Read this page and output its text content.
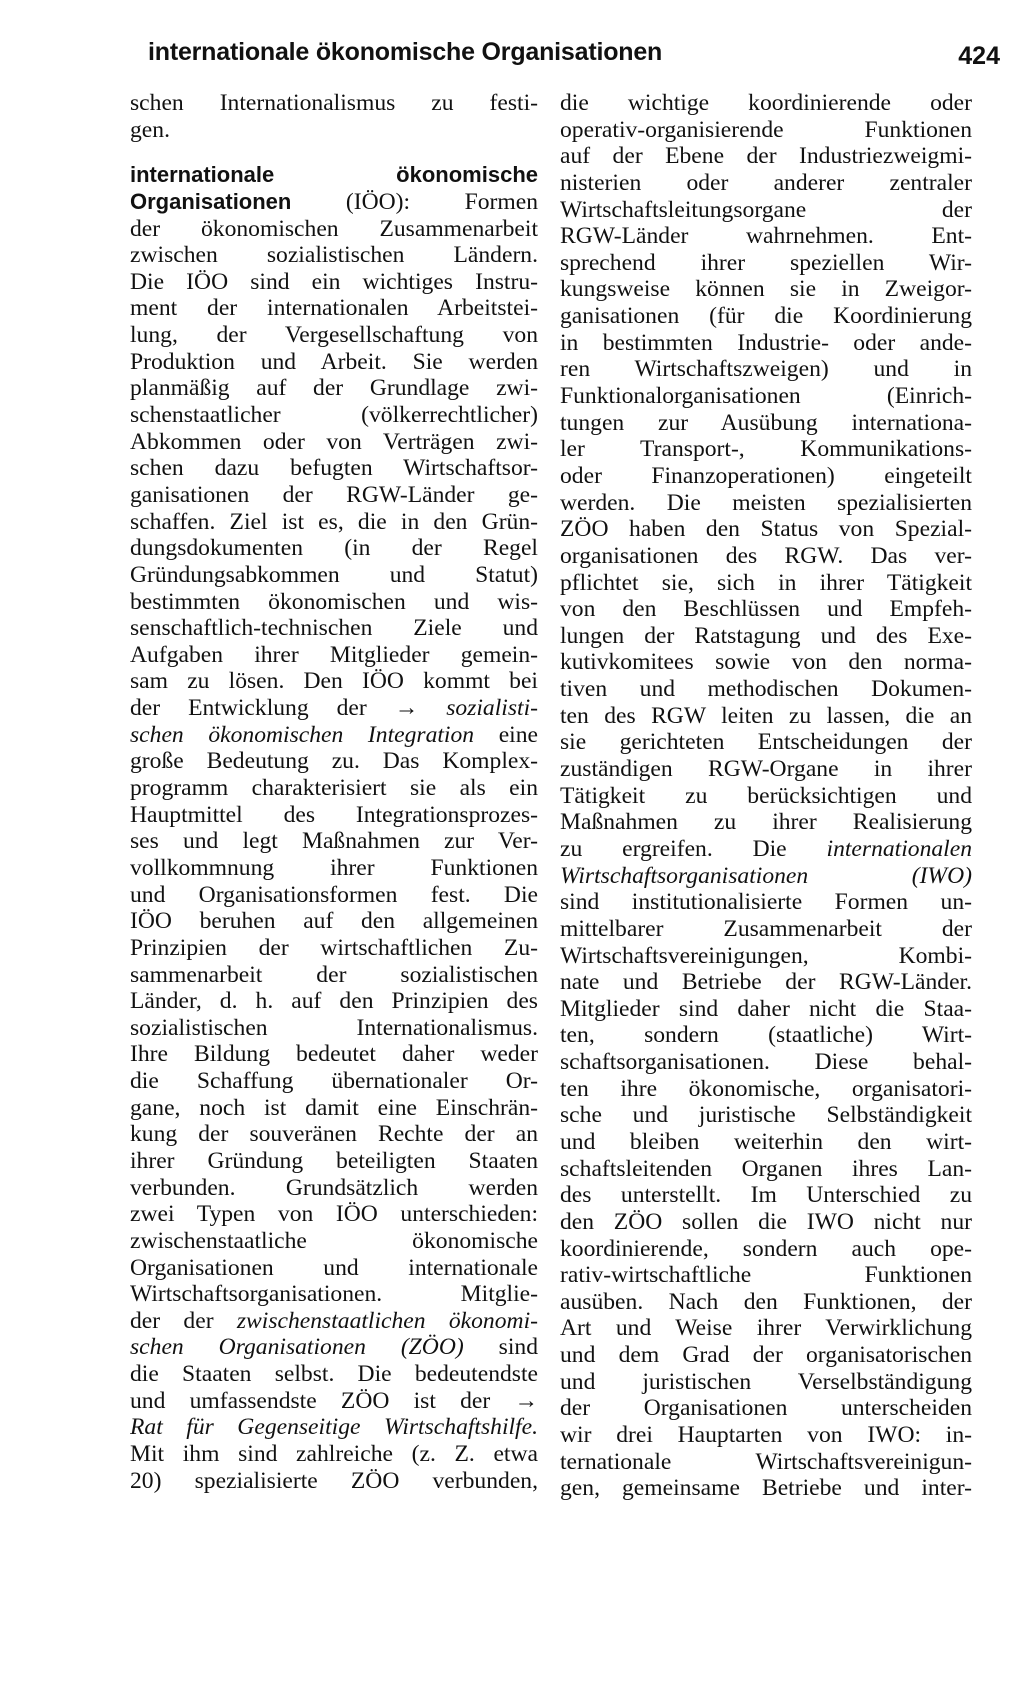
internationale ökonomische Organisationen	424
schen Internationalismus zu festi-
gen.
internationale ökonomische
Organisationen (IÖO): Formen
der ökonomischen Zusammenarbeit
zwischen sozialistischen Ländern.
Die IÖO sind ein wichtiges Instru-
ment der internationalen Arbeitstei-
lung, der Vergesellschaftung von
Produktion und Arbeit. Sie werden
planmäßig auf der Grundlage zwi-
schenstaatlicher (völkerrechtlicher)
Abkommen oder von Verträgen zwi-
schen dazu befugten Wirtschaftsor-
ganisationen der RGW-Länder ge-
schaffen. Ziel ist es, die in den Grün-
dungsdokumenten (in der Regel
Gründungsabkommen und Statut)
bestimmten ökonomischen und wis-
senschaftlich-technischen Ziele und
Aufgaben ihrer Mitglieder gemein-
sam zu lösen. Den IÖO kommt bei
der Entwicklung der → sozialisti-
schen ökonomischen Integration eine
große Bedeutung zu. Das Komplex-
programm charakterisiert sie als ein
Hauptmittel des Integrationsprozes-
ses und legt Maßnahmen zur Ver-
vollkommnung ihrer Funktionen
und Organisationsformen fest. Die
IÖO beruhen auf den allgemeinen
Prinzipien der wirtschaftlichen Zu-
sammenarbeit der sozialistischen
Länder, d. h. auf den Prinzipien des
sozialistischen Internationalismus.
Ihre Bildung bedeutet daher weder
die Schaffung übernationaler Or-
gane, noch ist damit eine Einschrän-
kung der souveränen Rechte der an
ihrer Gründung beteiligten Staaten
verbunden. Grundsätzlich werden
zwei Typen von IÖO unterschieden:
zwischenstaatliche ökonomische
Organisationen und internationale
Wirtschaftsorganisationen. Mitglie-
der der zwischenstaatlichen ökonomi-
schen Organisationen (ZÖO) sind
die Staaten selbst. Die bedeutendste
und umfassendste ZÖO ist der →
Rat für Gegenseitige Wirtschaftshilfe.
Mit ihm sind zahlreiche (z. Z. etwa
20) spezialisierte ZÖO verbunden,
die wichtige koordinierende oder
operativ-organisierende Funktionen
auf der Ebene der Industriezweigmi-
nisterien oder anderer zentraler
Wirtschaftsleitungsorgane der
RGW-Länder wahrnehmen. Ent-
sprechend ihrer speziellen Wir-
kungsweise können sie in Zweigor-
ganisationen (für die Koordinierung
in bestimmten Industrie- oder ande-
ren Wirtschaftszweigen) und in
Funktionalorganisationen (Einrich-
tungen zur Ausübung internationa-
ler Transport-, Kommunikations-
oder Finanzoperationen) eingeteilt
werden. Die meisten spezialisierten
ZÖO haben den Status von Spezial-
organisationen des RGW. Das ver-
pflichtet sie, sich in ihrer Tätigkeit
von den Beschlüssen und Empfeh-
lungen der Ratstagung und des Exe-
kutivkomitees sowie von den norma-
tiven und methodischen Dokumen-
ten des RGW leiten zu lassen, die an
sie gerichteten Entscheidungen der
zuständigen RGW-Organe in ihrer
Tätigkeit zu berücksichtigen und
Maßnahmen zu ihrer Realisierung
zu ergreifen. Die internationalen
Wirtschaftsorganisationen (IWO)
sind institutionalisierte Formen un-
mittelbarer Zusammenarbeit der
Wirtschaftsvereinigungen, Kombi-
nate und Betriebe der RGW-Länder.
Mitglieder sind daher nicht die Staa-
ten, sondern (staatliche) Wirt-
schaftsorganisationen. Diese behal-
ten ihre ökonomische, organisatori-
sche und juristische Selbständigkeit
und bleiben weiterhin den wirt-
schaftsleitenden Organen ihres Lan-
des unterstellt. Im Unterschied zu
den ZÖO sollen die IWO nicht nur
koordinierende, sondern auch ope-
rativ-wirtschaftliche Funktionen
ausüben. Nach den Funktionen, der
Art und Weise ihrer Verwirklichung
und dem Grad der organisatorischen
und juristischen Verselbständigung
der Organisationen unterscheiden
wir drei Hauptarten von IWO: in-
ternationale Wirtschaftsvereinigun-
gen, gemeinsame Betriebe und inter-
